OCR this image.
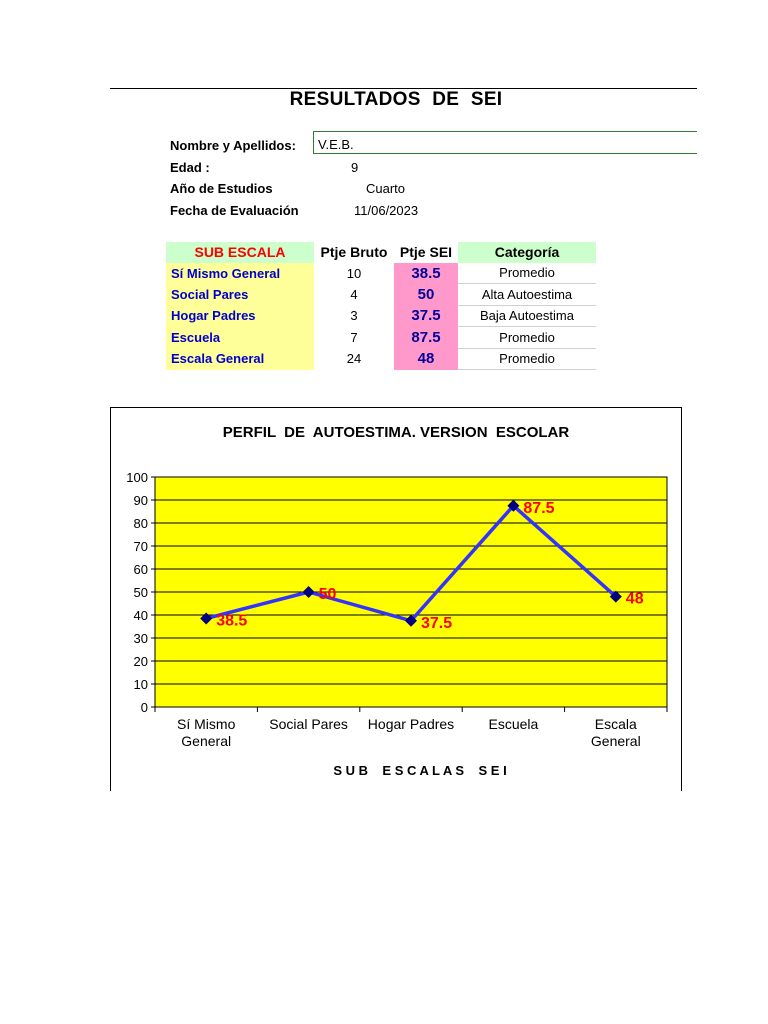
RESULTADOS DE SEI
Nombre y Apellidos: V.E.B.
Edad :	9
Año de Estudios	Cuarto
Fecha de Evaluación	11/06/2023
SUB ESCALA	Ptje Bruto	Ptje SEI	Categoría
Sí Mismo General	10	38.5	Promedio
Social Pares	4	50	Alta Autoestima
Hogar Padres	3	37.5	Baja Autoestima
Escuela	7	87.5	Promedio
Escala General	24	48	Promedio
PERFIL  DE  AUTOESTIMA. VERSION  ESCOLAR
S U B    E S C A L A S    S E I
0
10
20
30
40
50
60
70
80
90
100
Sí Mismo General
Social Pares Hogar Padres Escuela	Escala General
38.5
50
37.5
87.5
48
